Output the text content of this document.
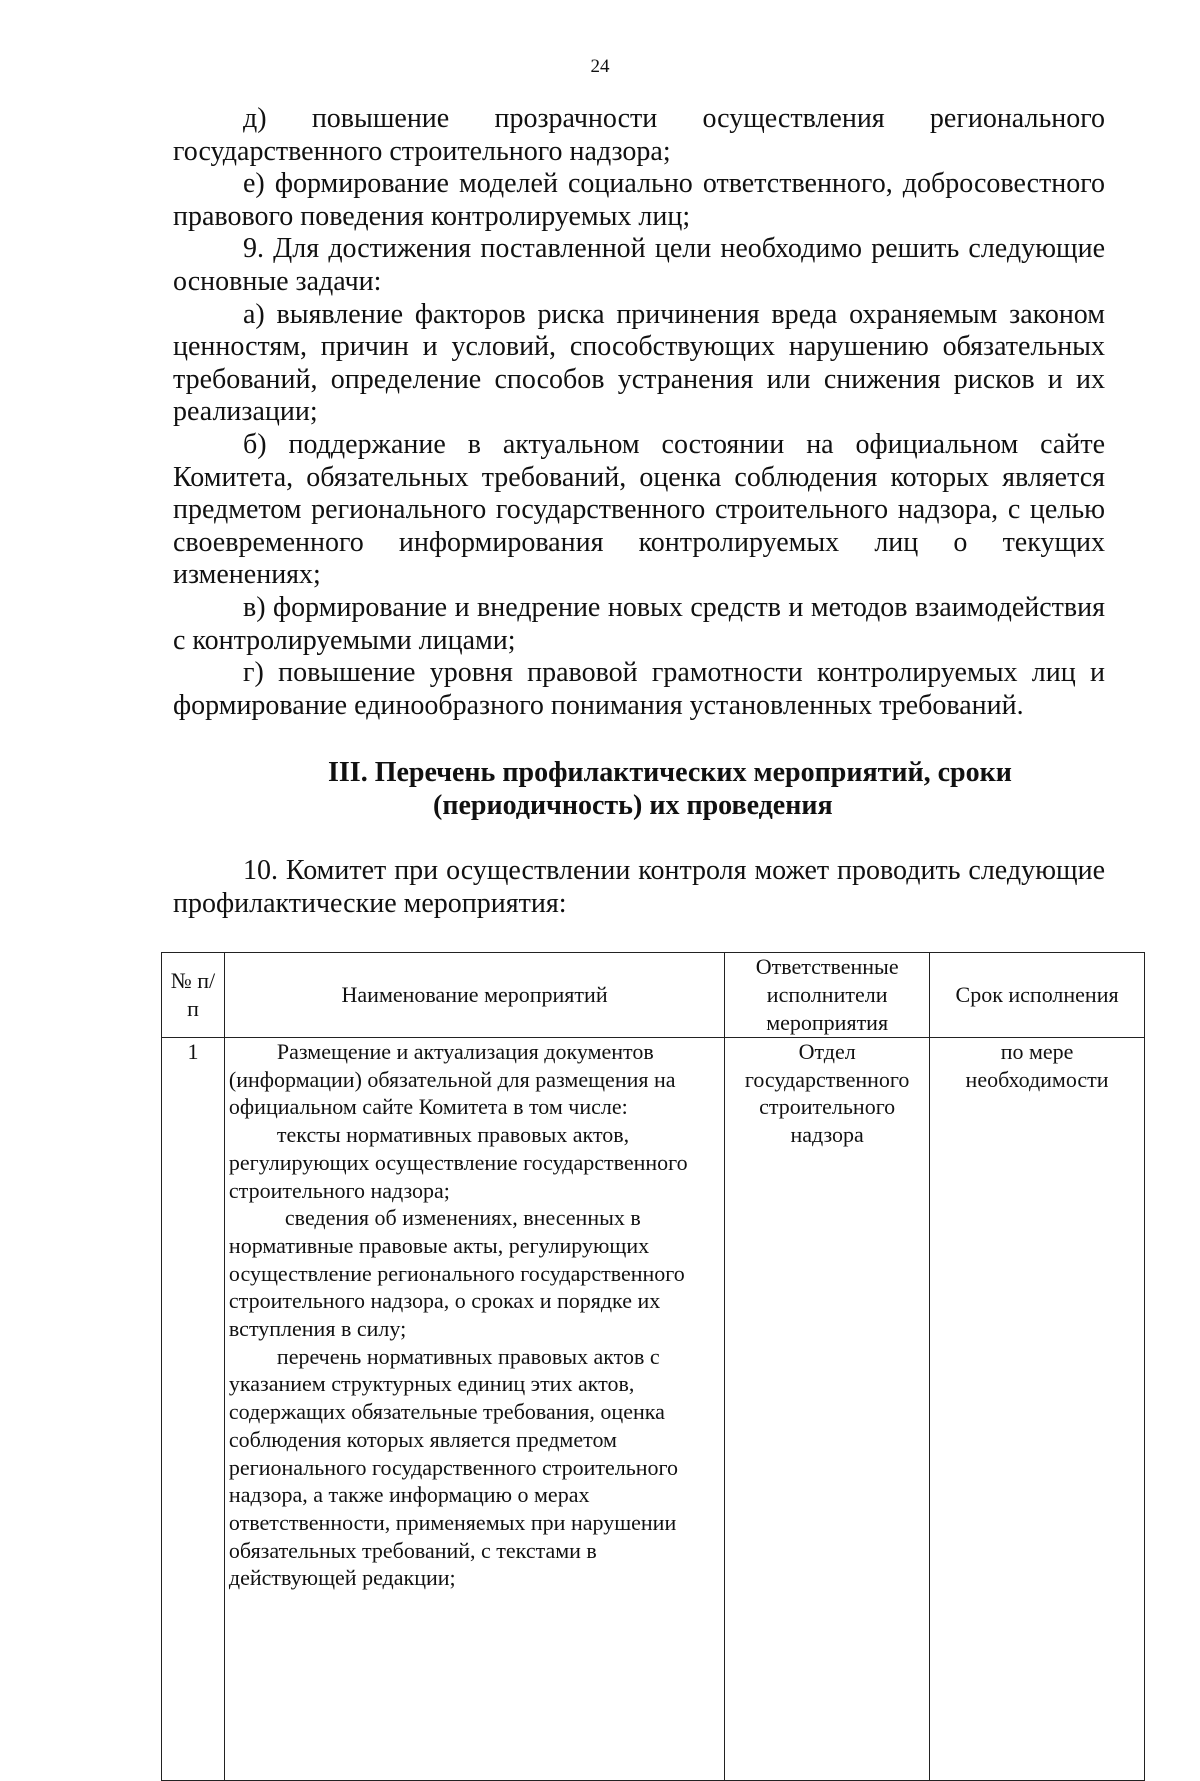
24

д) повышение прозрачности осуществления регионального государственного строительного надзора;

е) формирование моделей социально ответственного, добросовестного правового поведения контролируемых лиц;

9. Для достижения поставленной цели необходимо решить следующие основные задачи:

а) выявление факторов риска причинения вреда охраняемым законом ценностям, причин и условий, способствующих нарушению обязательных требований, определение способов устранения или снижения рисков и их реализации;

б) поддержание в актуальном состоянии на официальном сайте Комитета, обязательных требований, оценка соблюдения которых является предметом регионального государственного строительного надзора, с целью своевременного информирования контролируемых лиц о текущих изменениях;

в) формирование и внедрение новых средств и методов взаимодействия с контролируемыми лицами;

г) повышение уровня правовой грамотности контролируемых лиц и формирование единообразного понимания установленных требований.

III. Перечень профилактических мероприятий, сроки
(периодичность) их проведения

10. Комитет при осуществлении контроля может проводить следующие профилактические мероприятия:

№ п/п	Наименование мероприятий	Ответственные исполнители мероприятия	Срок исполнения
1	Размещение и актуализация документов (информации) обязательной для размещения на официальном сайте Комитета в том числе:

тексты нормативных правовых актов, регулирующих осуществление государственного строительного надзора;

сведения об изменениях, внесенных в нормативные правовые акты, регулирующих осуществление регионального государственного строительного надзора, о сроках и порядке их вступления в силу;

перечень нормативных правовых актов с указанием структурных единиц этих актов, содержащих обязательные требования, оценка соблюдения которых является предметом регионального государственного строительного надзора, а также информацию о мерах ответственности, применяемых при нарушении обязательных требований, с текстами в действующей редакции;	Отдел государственного строительного надзора	по мере необходимости
